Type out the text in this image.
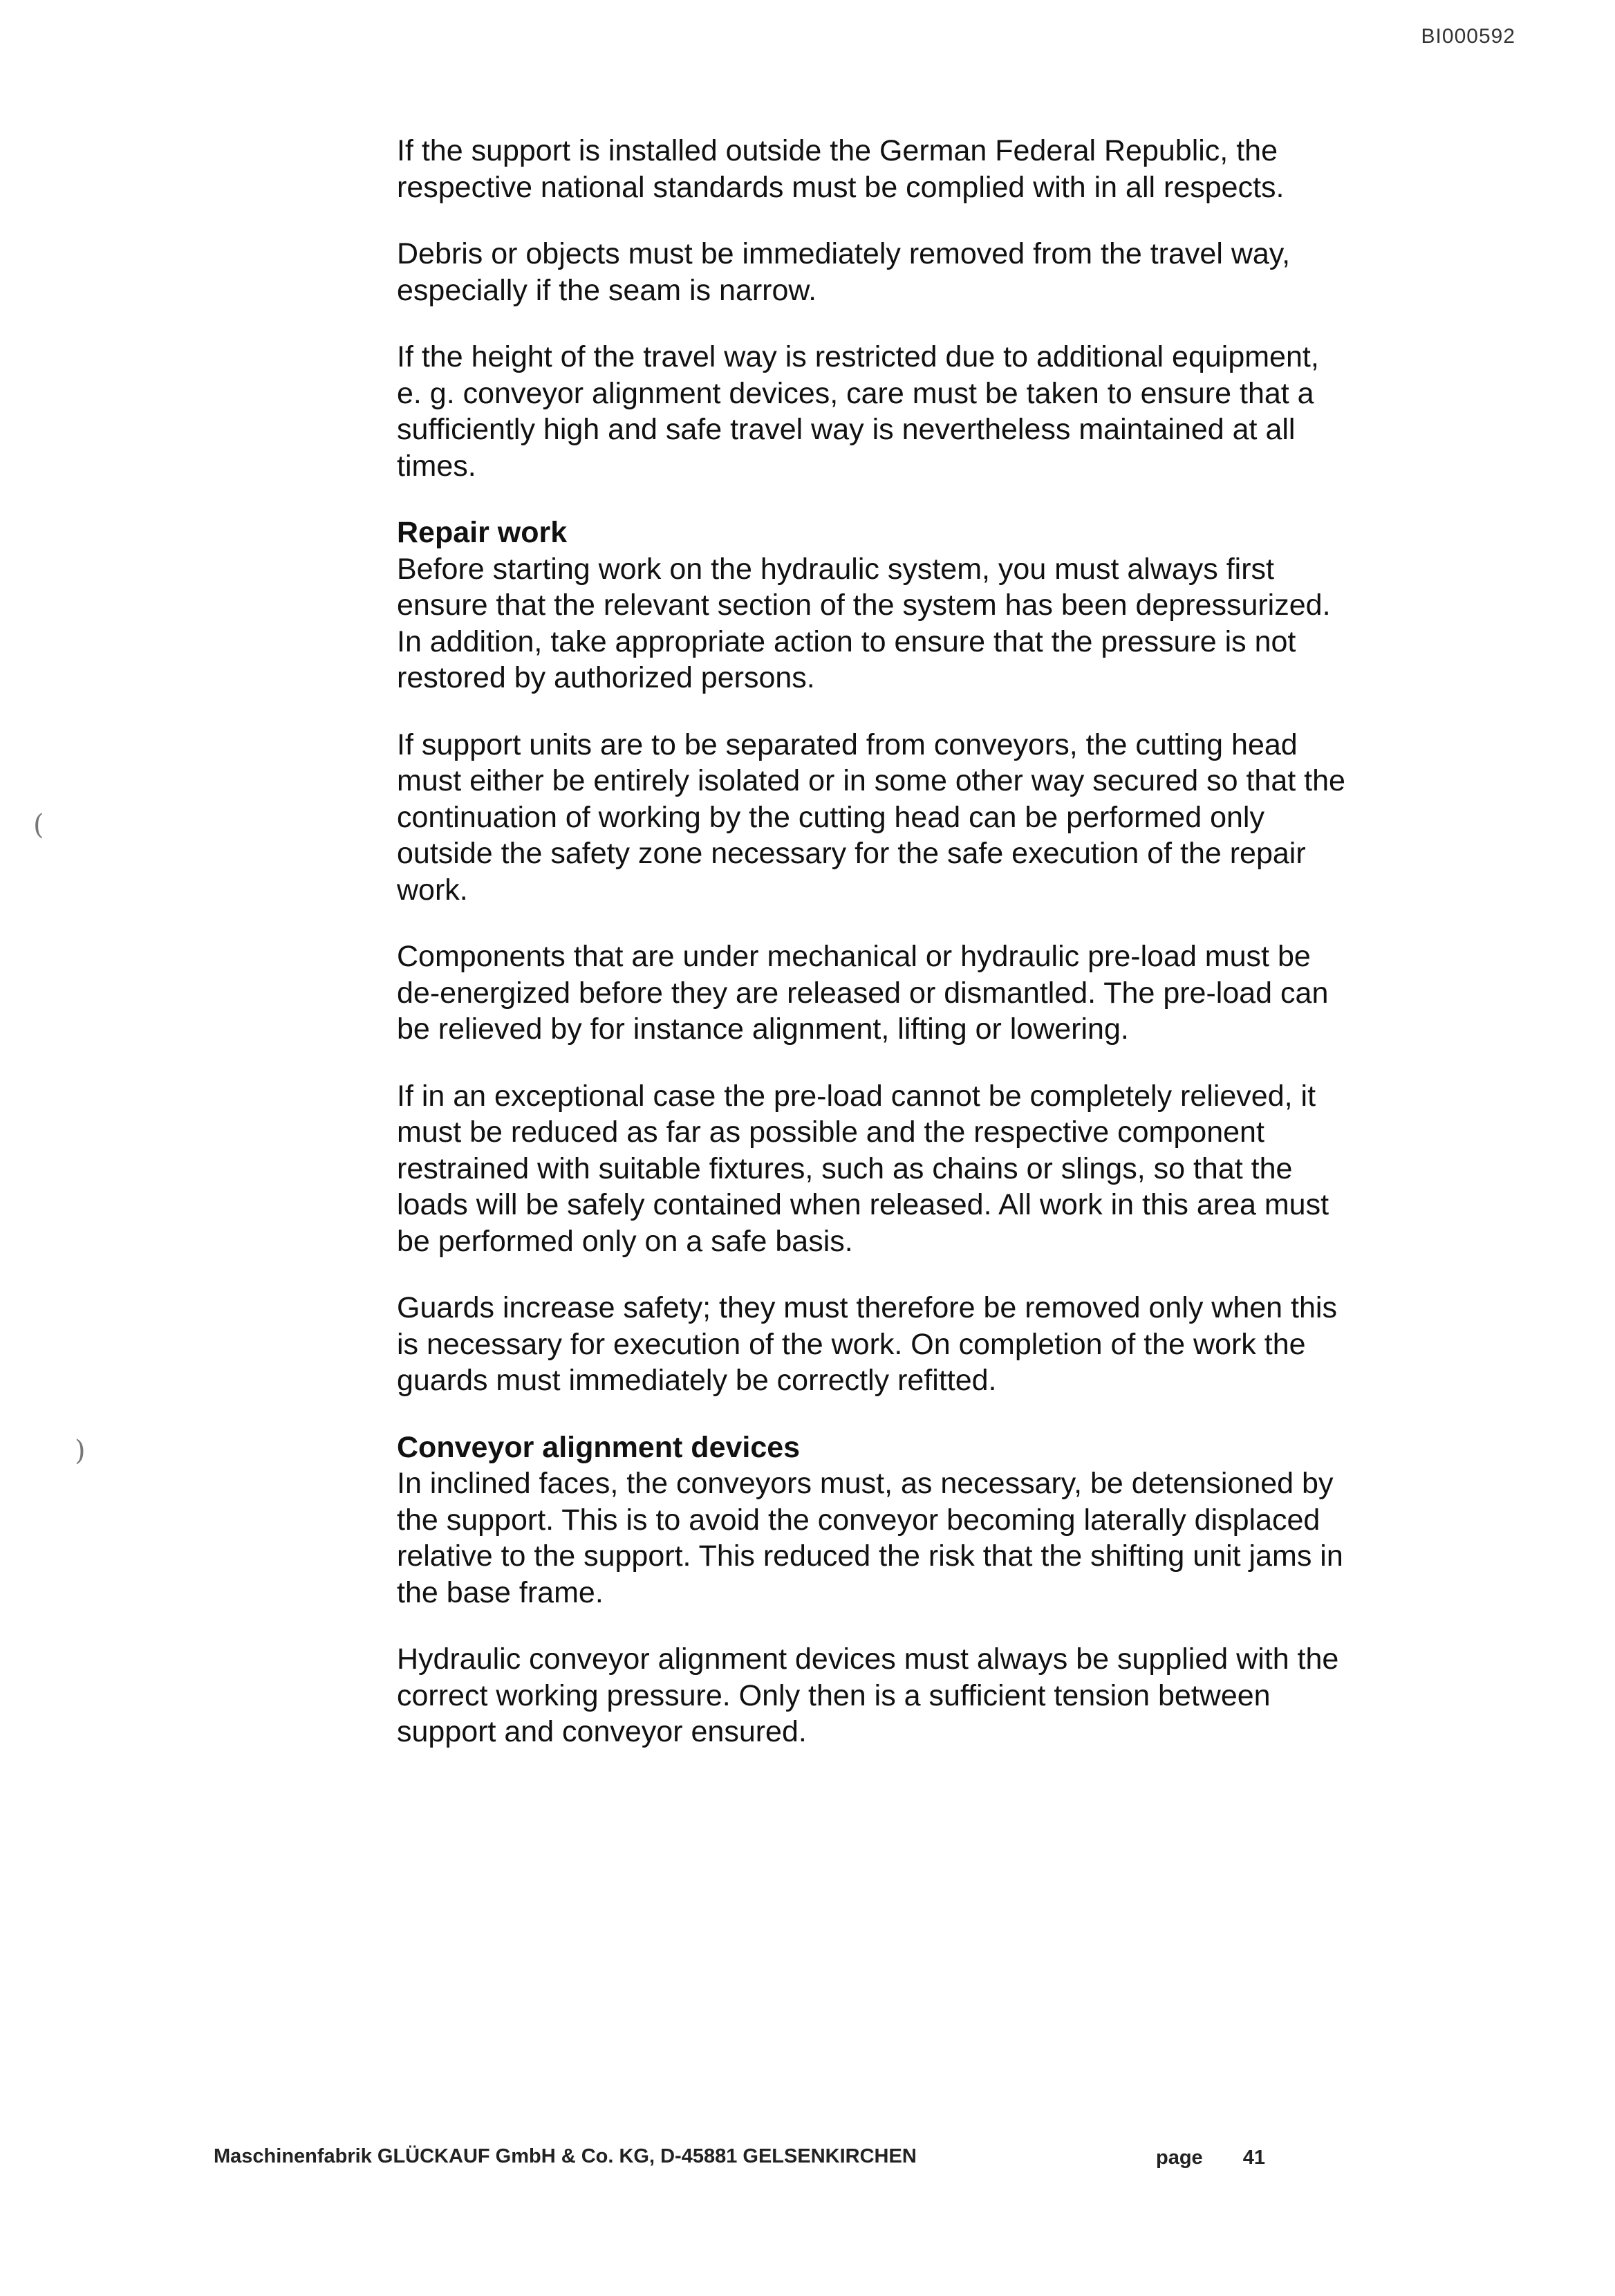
BI000592

If the support is installed outside the German Federal Republic, the
respective national standards must be complied with in all respects.

Debris or objects must be immediately removed from the travel way,
especially if the seam is narrow.

If the height of the travel way is restricted due to additional equipment,
e. g. conveyor alignment devices, care must be taken to ensure that a
sufficiently high and safe travel way is nevertheless maintained at all
times.

Repair work

Before starting work on the hydraulic system, you must always first
ensure that the relevant section of the system has been depressurized.
In addition, take appropriate action to ensure that the pressure is not
restored by authorized persons.

If support units are to be separated from conveyors, the cutting head
must either be entirely isolated or in some other way secured so that the
continuation of working by the cutting head can be performed only
outside the safety zone necessary for the safe execution of the repair
work.

Components that are under mechanical or hydraulic pre-load must be
de-energized before they are released or dismantled. The pre-load can
be relieved by for instance alignment, lifting or lowering.

If in an exceptional case the pre-load cannot be completely relieved, it
must be reduced as far as possible and the respective component
restrained with suitable fixtures, such as chains or slings, so that the
loads will be safely contained when released. All work in this area must
be performed only on a safe basis.

Guards increase safety; they must therefore be removed only when this
is necessary for execution of the work. On completion of the work the
guards must immediately be correctly refitted.

Conveyor alignment devices

In inclined faces, the conveyors must, as necessary, be detensioned by
the support. This is to avoid the conveyor becoming laterally displaced
relative to the support. This reduced the risk that the shifting unit jams in
the base frame.

Hydraulic conveyor alignment devices must always be supplied with the
correct working pressure. Only then is a sufficient tension between
support and conveyor ensured.

(
)
Maschinenfabrik GLÜCKAUF GmbH & Co. KG, D-45881 GELSENKIRCHEN	page 41
